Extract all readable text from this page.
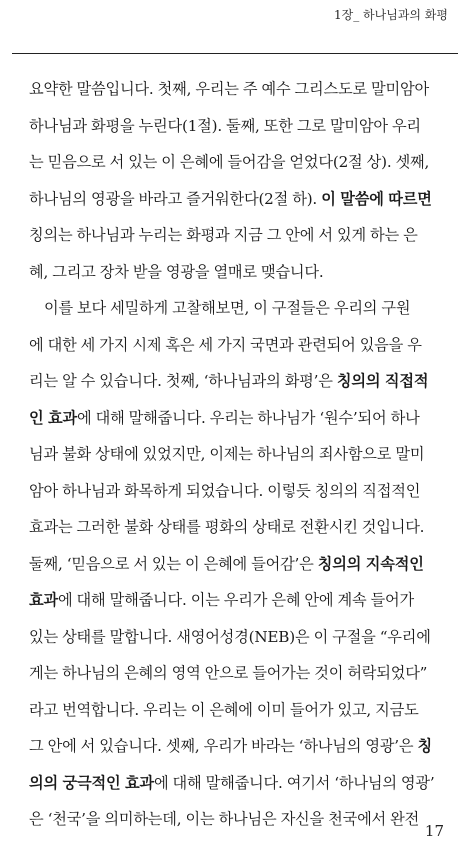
1장_ 하나님과의 화평
요약한 말씀입니다. 첫째, 우리는 주 예수 그리스도로 말미암아
하나님과 화평을 누린다(1절). 둘째, 또한 그로 말미암아 우리
는 믿음으로 서 있는 이 은혜에 들어감을 얻었다(2절 상). 셋째,
하나님의 영광을 바라고 즐거워한다(2절 하). 이 말씀에 따르면
칭의는 하나님과 누리는 화평과 지금 그 안에 서 있게 하는 은
혜, 그리고 장차 받을 영광을 열매로 맺습니다.
　이를 보다 세밀하게 고찰해보면, 이 구절들은 우리의 구원
에 대한 세 가지 시제 혹은 세 가지 국면과 관련되어 있음을 우
리는 알 수 있습니다. 첫째, ‘하나님과의 화평’은 칭의의 직접적
인 효과에 대해 말해줍니다. 우리는 하나님가 ‘원수’되어 하나
님과 불화 상태에 있었지만, 이제는 하나님의 죄사함으로 말미
암아 하나님과 화목하게 되었습니다. 이렇듯 칭의의 직접적인
효과는 그러한 불화 상태를 평화의 상태로 전환시킨 것입니다.
둘째, ‘믿음으로 서 있는 이 은혜에 들어감’은 칭의의 지속적인
효과에 대해 말해줍니다. 이는 우리가 은혜 안에 계속 들어가
있는 상태를 말합니다. 새영어성경(NEB)은 이 구절을 “우리에
게는 하나님의 은혜의 영역 안으로 들어가는 것이 허락되었다”
라고 번역합니다. 우리는 이 은혜에 이미 들어가 있고, 지금도
그 안에 서 있습니다. 셋째, 우리가 바라는 ‘하나님의 영광’은 칭
의의 궁극적인 효과에 대해 말해줍니다. 여기서 ‘하나님의 영광’
은 ‘천국’을 의미하는데, 이는 하나님은 자신을 천국에서 완전
17
